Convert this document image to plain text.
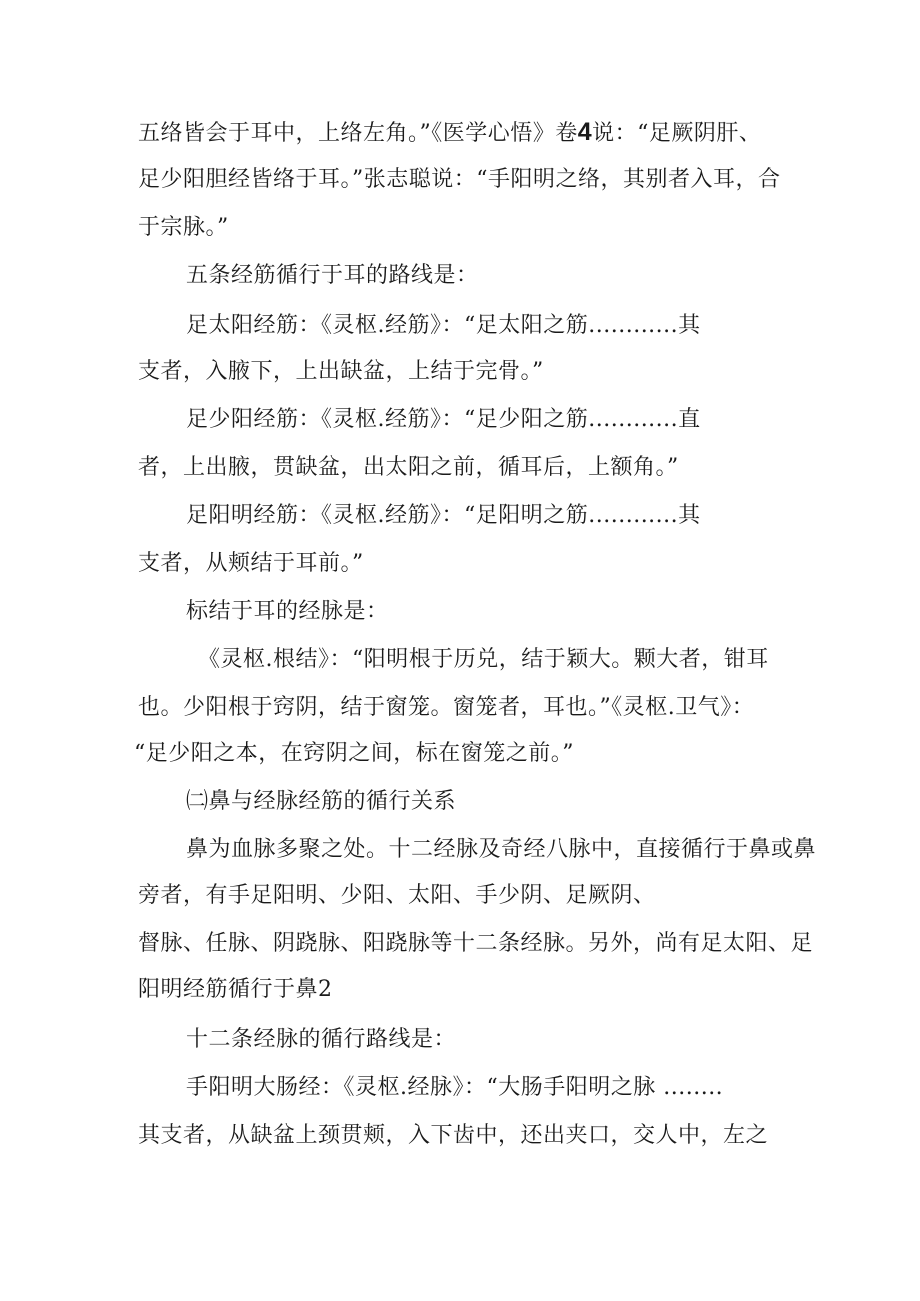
五络皆会于耳中，上络左角。”《医学心悟》卷4说：“足厥阴肝、
足少阳胆经皆络于耳。”张志聪说：“手阳明之络，其别者入耳，合
于宗脉。”
五条经筋循行于耳的路线是：
足太阳经筋：《灵枢.经筋》：“足太阳之筋............其
支者，入腋下，上出缺盆，上结于完骨。”
足少阳经筋：《灵枢.经筋》：“足少阳之筋............直
者，上出腋，贯缺盆，出太阳之前，循耳后，上额角。”
足阳明经筋：《灵枢.经筋》：“足阳明之筋............其
支者，从颊结于耳前。”
标结于耳的经脉是：
《灵枢.根结》：“阳明根于历兑，结于颖大。颗大者，钳耳
也。少阳根于窍阴，结于窗笼。窗笼者，耳也。”《灵枢.卫气》：
“足少阳之本，在窍阴之间，标在窗笼之前。”
㈡鼻与经脉经筋的循行关系
鼻为血脉多聚之处。十二经脉及奇经八脉中，直接循行于鼻或鼻
旁者，有手足阳明、少阳、太阳、手少阴、足厥阴、
督脉、任脉、阴跷脉、阳跷脉等十二条经脉。另外，尚有足太阳、足
阳明经筋循行于鼻2
十二条经脉的循行路线是：
手阳明大肠经：《灵枢.经脉》：“大肠手阳明之脉 ........
其支者，从缺盆上颈贯颊，入下齿中，还出夹口，交人中，左之
